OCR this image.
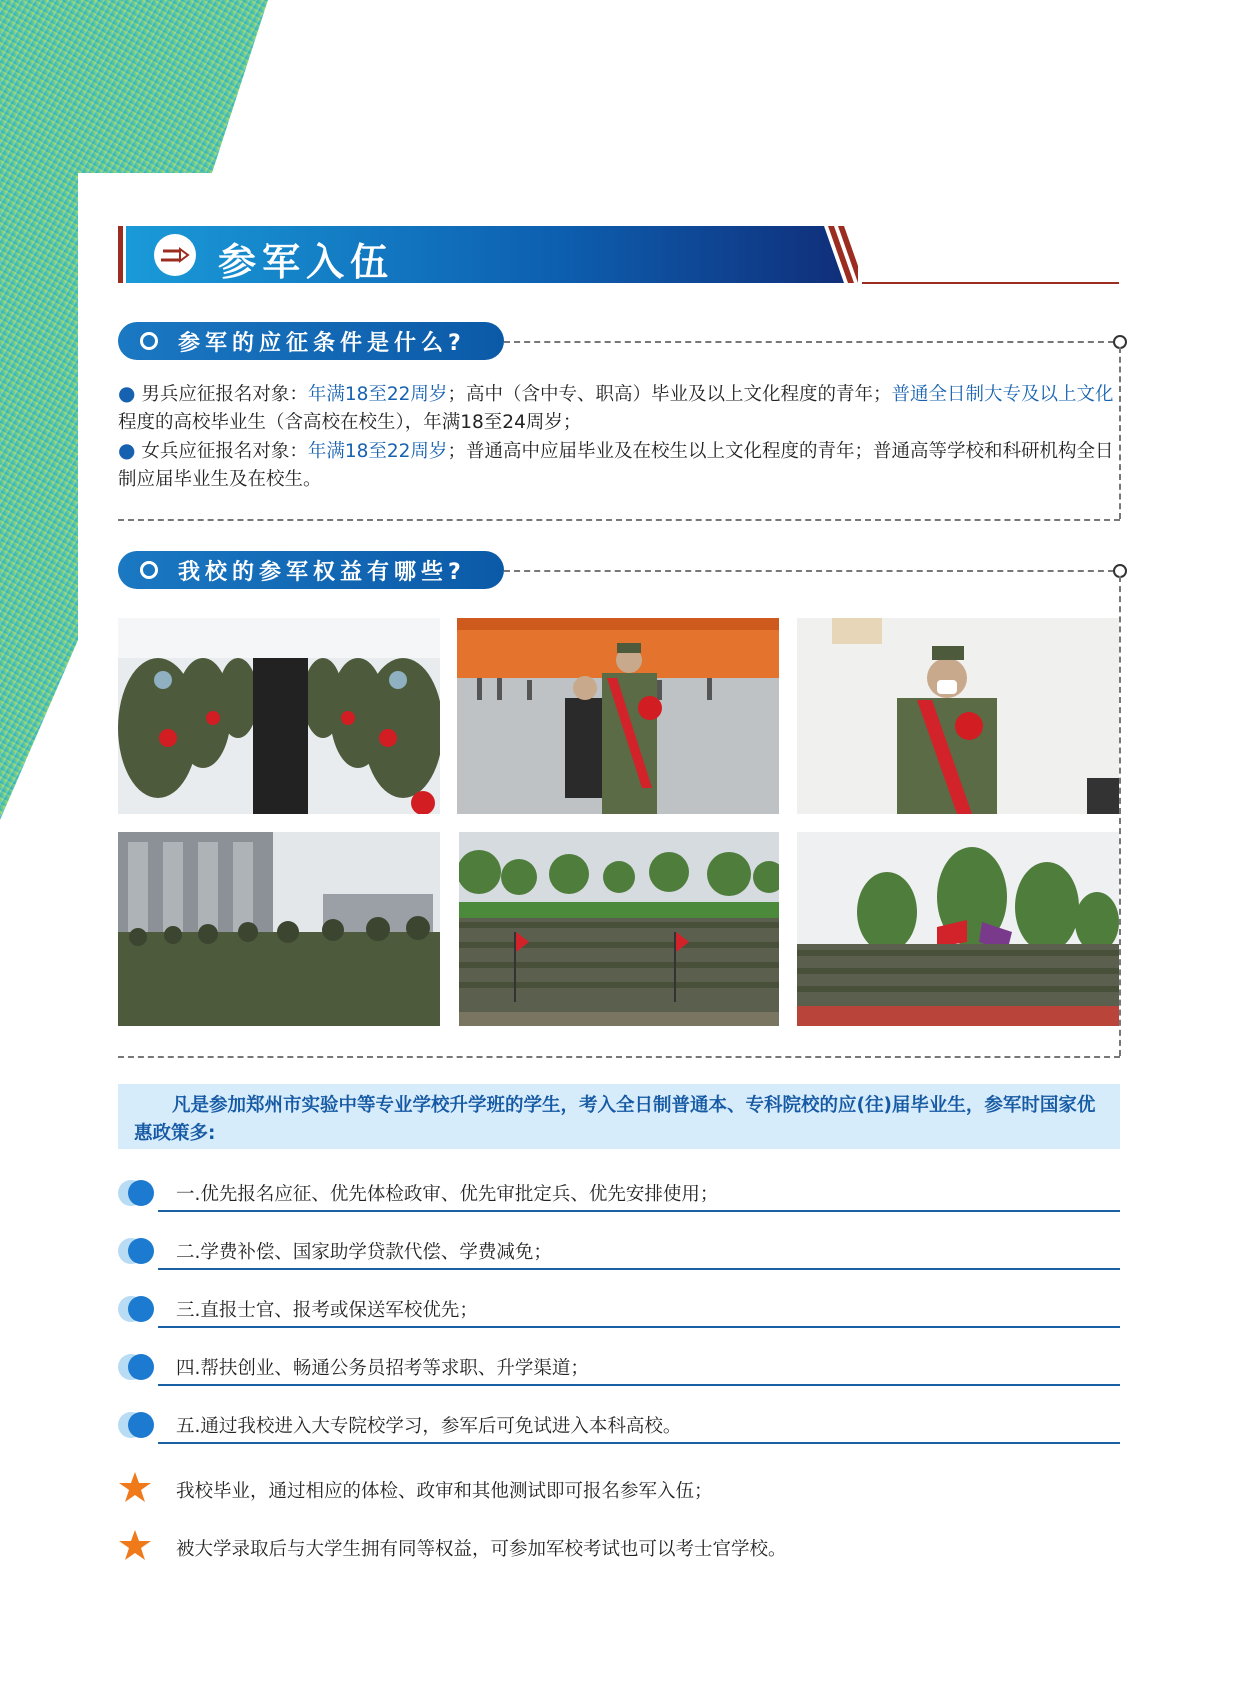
参军入伍
参军的应征条件是什么?
● 男兵应征报名对象：年满18至22周岁；高中（含中专、职高）毕业及以上文化程度的青年；普通全日制大专及以上文化程度的高校毕业生（含高校在校生），年满18至24周岁；
● 女兵应征报名对象：年满18至22周岁；普通高中应届毕业及在校生以上文化程度的青年；普通高等学校和科研机构全日制应届毕业生及在校生。
我校的参军权益有哪些?

凡是参加郑州市实验中等专业学校升学班的学生，考入全日制普通本、专科院校的应(往)届毕业生，参军时国家优惠政策多:

一.优先报名应征、优先体检政审、优先审批定兵、优先安排使用；
二.学费补偿、国家助学贷款代偿、学费减免；
三.直报士官、报考或保送军校优先；
四.帮扶创业、畅通公务员招考等求职、升学渠道；
五.通过我校进入大专院校学习，参军后可免试进入本科高校。
我校毕业，通过相应的体检、政审和其他测试即可报名参军入伍；
被大学录取后与大学生拥有同等权益，可参加军校考试也可以考士官学校。
